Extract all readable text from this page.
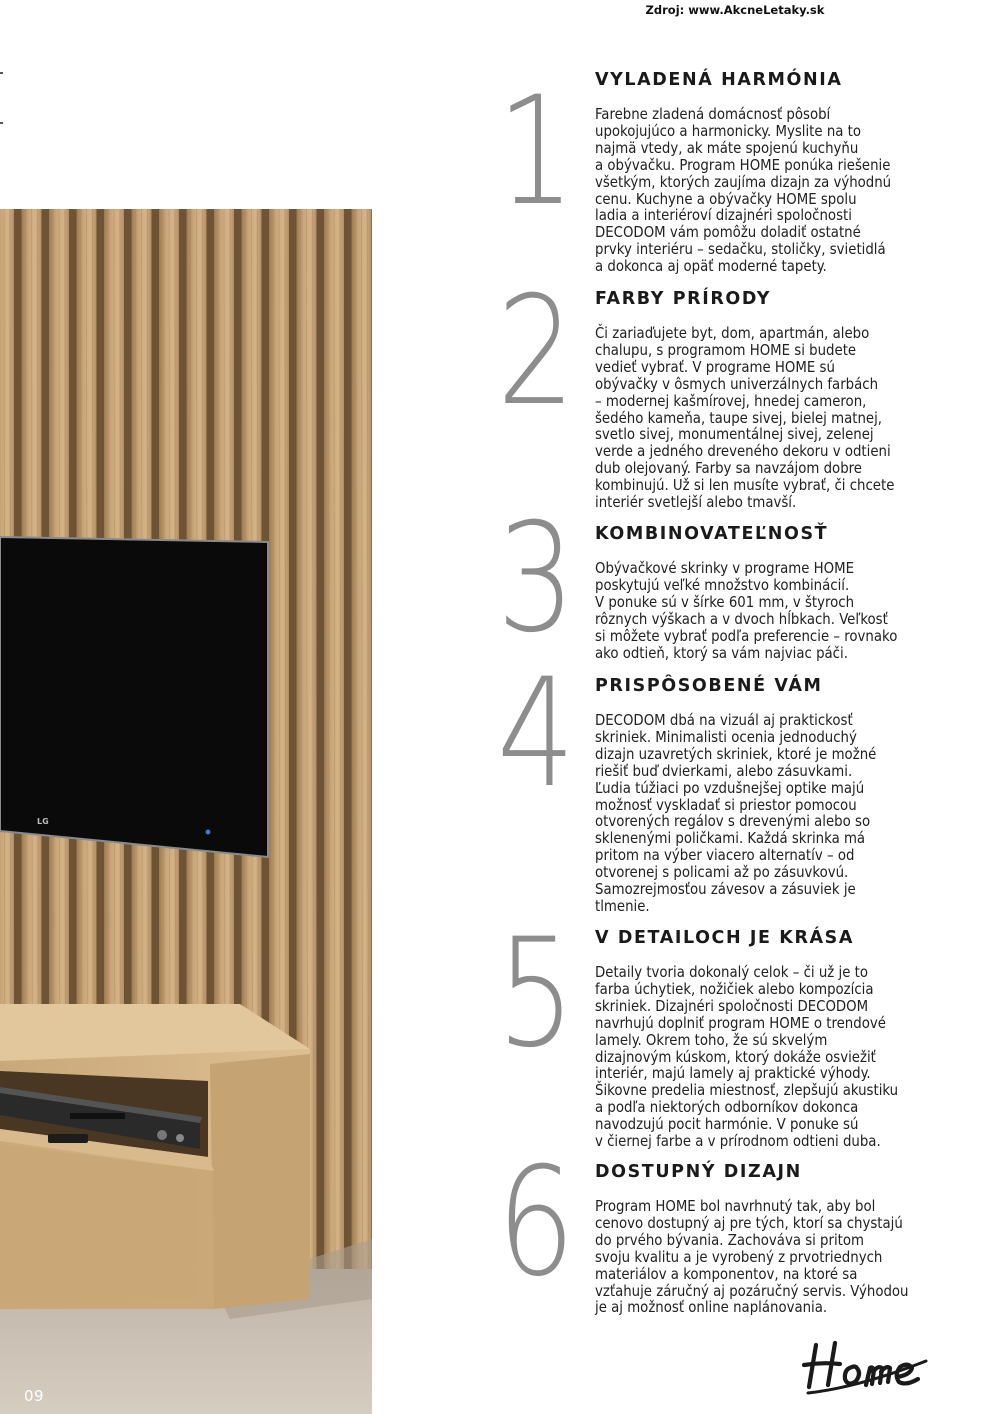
Zdroj: www.AkcneLetaky.sk
LG
09
1	VYLADENÁ HARMÓNIA

Farebne zladená domácnosť pôsobí
upokojujúco a harmonicky. Myslite na to
najmä vtedy, ak máte spojenú kuchyňu
a obývačku. Program HOME ponúka riešenie
všetkým, ktorých zaujíma dizajn za výhodnú
cenu. Kuchyne a obývačky HOME spolu
ladia a interiéroví dizajnéri spoločnosti
DECODOM vám pomôžu doladiť ostatné
prvky interiéru – sedačku, stoličky, svietidlá
a dokonca aj opäť moderné tapety.

2	FARBY PRÍRODY

Či zariaďujete byt, dom, apartmán, alebo
chalupu, s programom HOME si budete
vedieť vybrať. V programe HOME sú
obývačky v ôsmych univerzálnych farbách
– modernej kašmírovej, hnedej cameron,
šedého kameňa, taupe sivej, bielej matnej,
svetlo sivej, monumentálnej sivej, zelenej
verde a jedného dreveného dekoru v odtieni
dub olejovaný. Farby sa navzájom dobre
kombinujú. Už si len musíte vybrať, či chcete
interiér svetlejší alebo tmavší.

3	KOMBINOVATEĽNOSŤ

Obývačkové skrinky v programe HOME
poskytujú veľké množstvo kombinácií.
V ponuke sú v šírke 601 mm, v štyroch
rôznych výškach a v dvoch hĺbkach. Veľkosť
si môžete vybrať podľa preferencie – rovnako
ako odtieň, ktorý sa vám najviac páči.

4	PRISPÔSOBENÉ VÁM

DECODOM dbá na vizuál aj praktickosť
skriniek. Minimalisti ocenia jednoduchý
dizajn uzavretých skriniek, ktoré je možné
riešiť buď dvierkami, alebo zásuvkami.
Ľudia túžiaci po vzdušnejšej optike majú
možnosť vyskladať si priestor pomocou
otvorených regálov s drevenými alebo so
sklenenými poličkami. Každá skrinka má
pritom na výber viacero alternatív – od
otvorenej s policami až po zásuvkovú.
Samozrejmosťou závesov a zásuviek je
tlmenie.

5	V DETAILOCH JE KRÁSA

Detaily tvoria dokonalý celok – či už je to
farba úchytiek, nožičiek alebo kompozícia
skriniek. Dizajnéri spoločnosti DECODOM
navrhujú doplniť program HOME o trendové
lamely. Okrem toho, že sú skvelým
dizajnovým kúskom, ktorý dokáže osviežiť
interiér, majú lamely aj praktické výhody.
Šikovne predelia miestnosť, zlepšujú akustiku
a podľa niektorých odborníkov dokonca
navodzujú pocit harmónie. V ponuke sú
v čiernej farbe a v prírodnom odtieni duba.

6	DOSTUPNÝ DIZAJN

Program HOME bol navrhnutý tak, aby bol
cenovo dostupný aj pre tých, ktorí sa chystajú
do prvého bývania. Zachováva si pritom
svoju kvalitu a je vyrobený z prvotriednych
materiálov a komponentov, na ktoré sa
vzťahuje záručný aj pozáručný servis. Výhodou
je aj možnosť online naplánovania.
